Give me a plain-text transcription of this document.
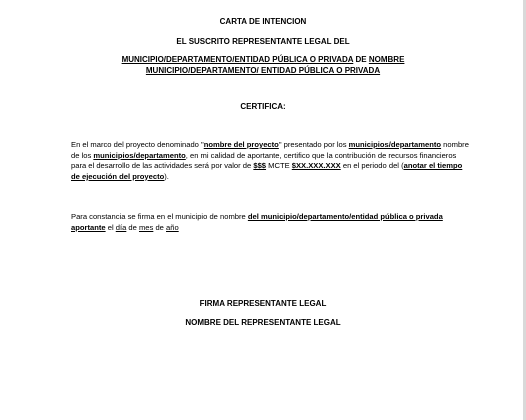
CARTA DE INTENCION
EL SUSCRITO REPRESENTANTE LEGAL DEL
MUNICIPIO/DEPARTAMENTO/ENTIDAD PÚBLICA O PRIVADA DE NOMBRE
MUNICIPIO/DEPARTAMENTO/ ENTIDAD PÚBLICA O PRIVADA
CERTIFICA:
En el marco del proyecto denominado "nombre del proyecto" presentado por los municipios/departamento nombre de los municipios/departamento, en mi calidad de aportante, certifico que la contribución de recursos financieros para el desarrollo de las actividades será por valor de $$$ MCTE $XX.XXX.XXX en el periodo del (anotar el tiempo de ejecución del proyecto).
Para constancia se firma en el municipio de nombre del municipio/departamento/entidad pública o privada aportante el día de mes de año
FIRMA REPRESENTANTE LEGAL
NOMBRE DEL REPRESENTANTE LEGAL
